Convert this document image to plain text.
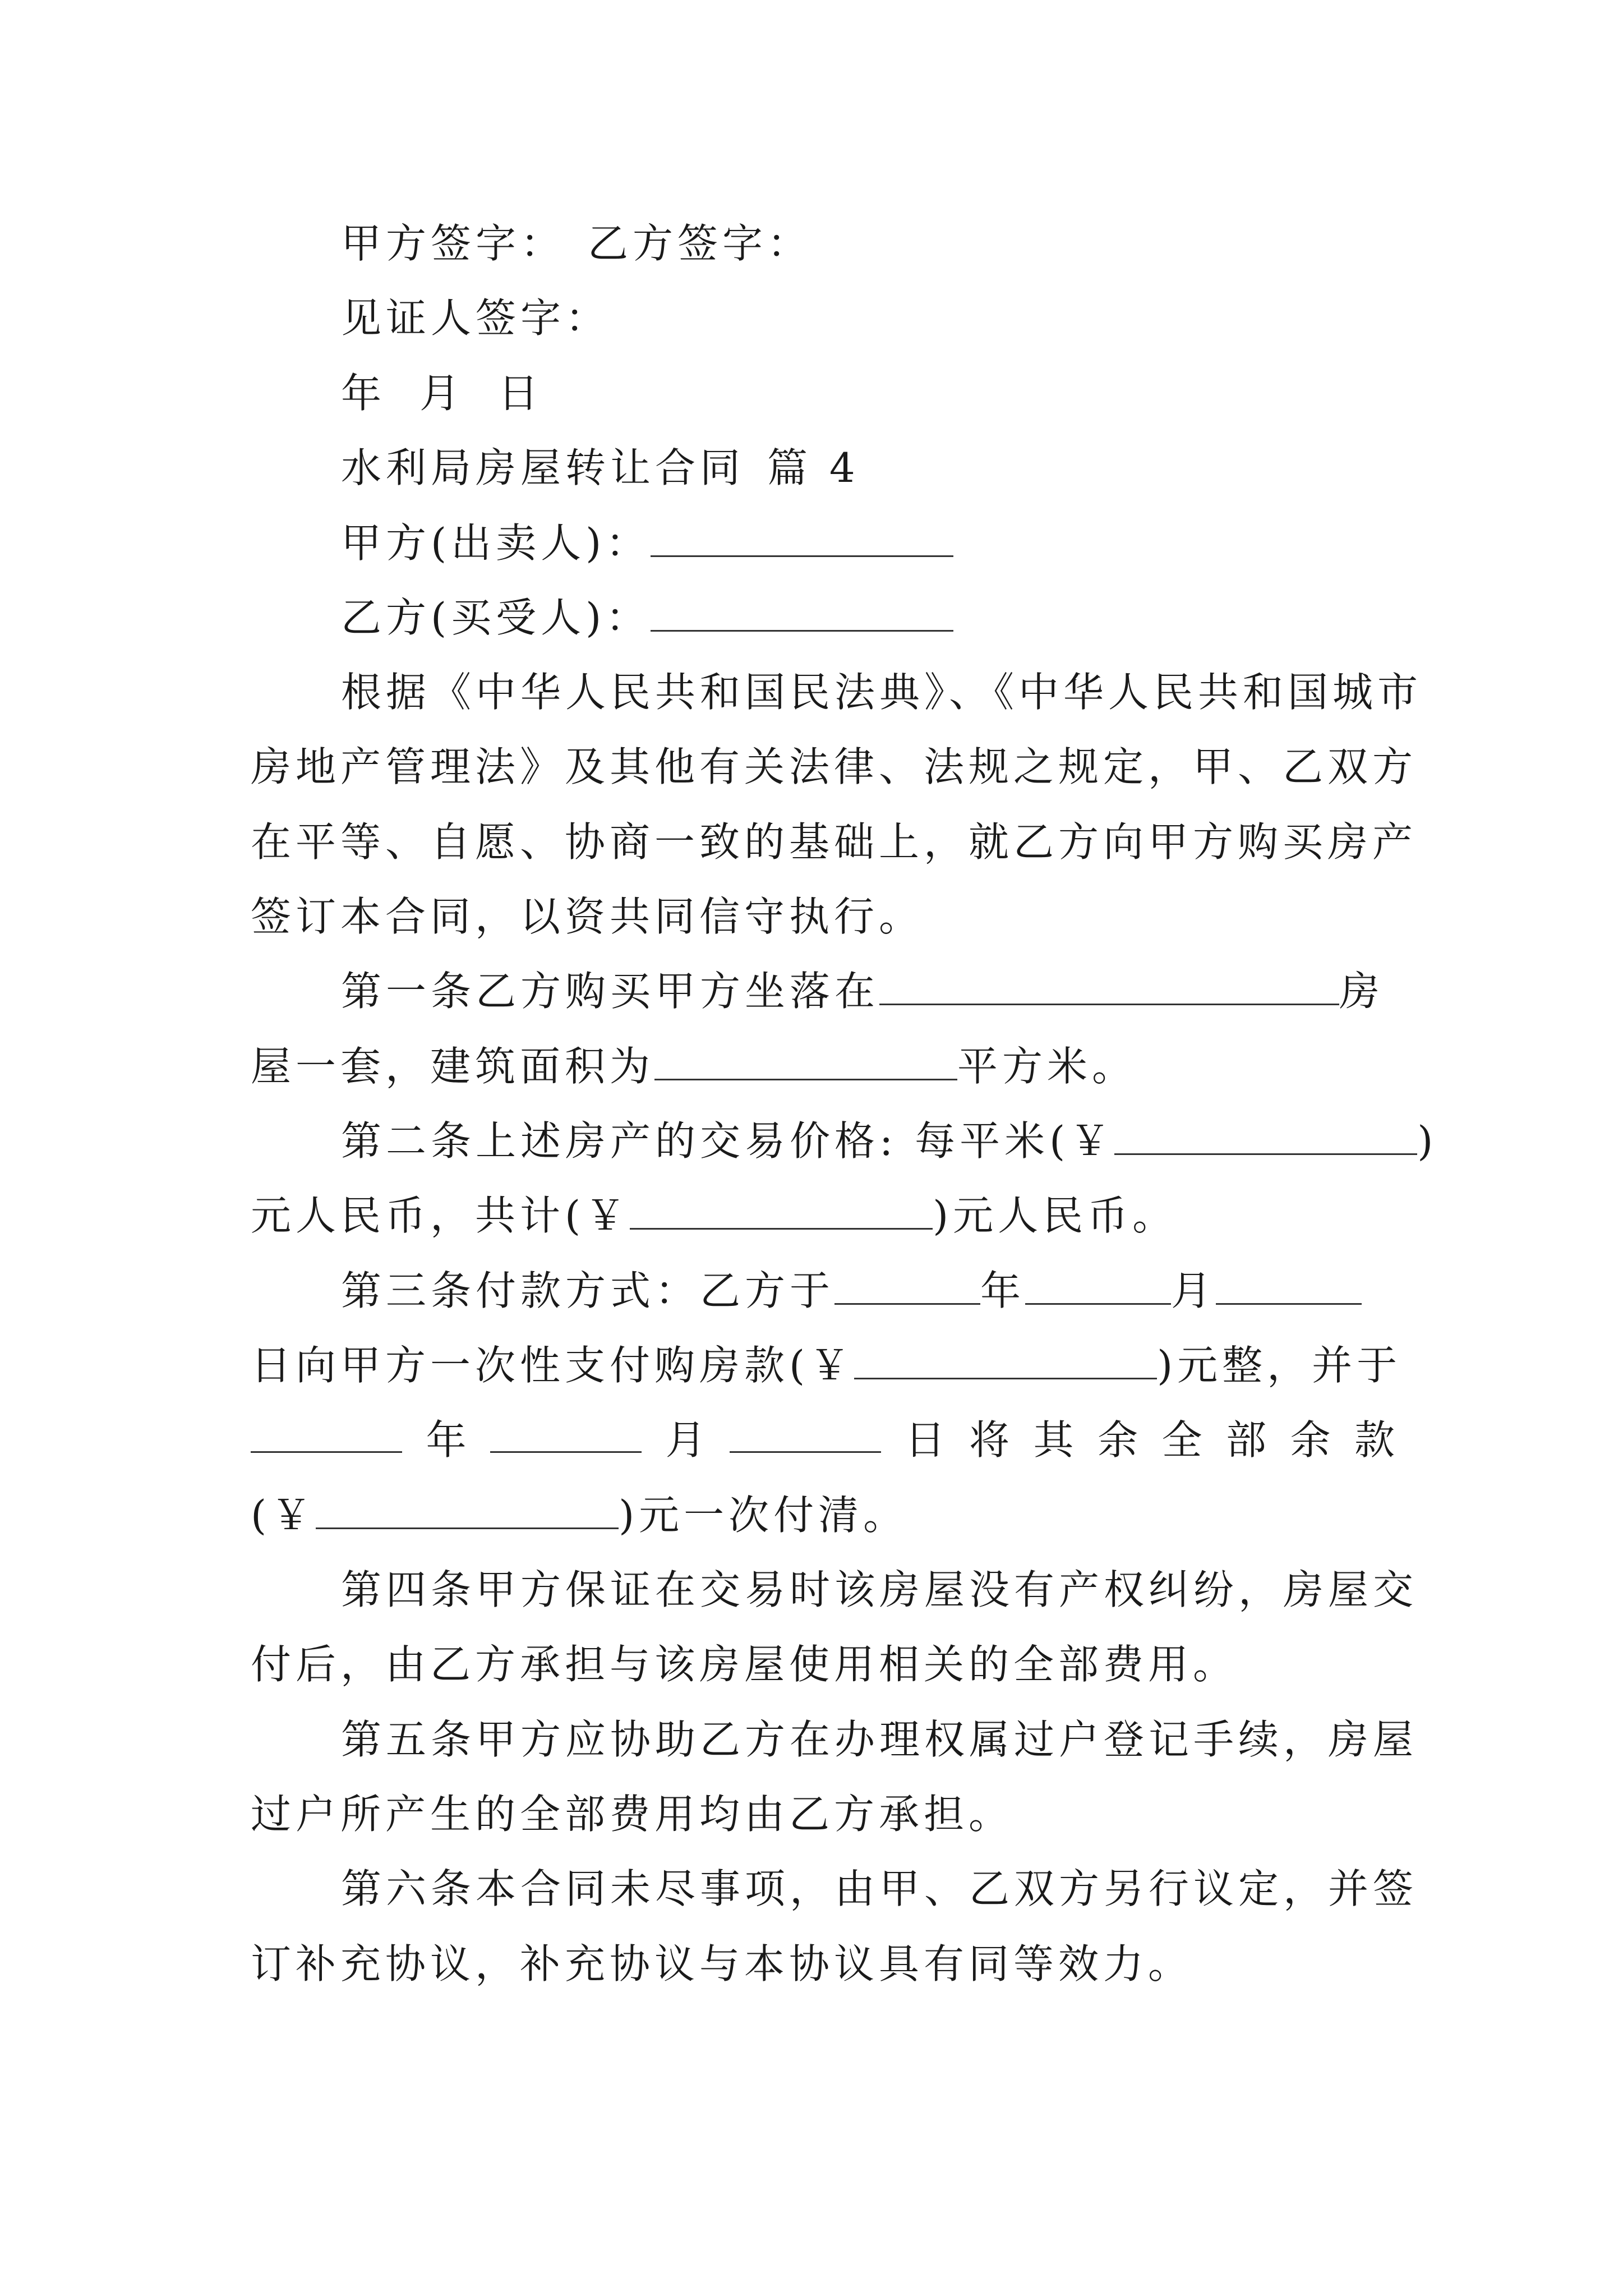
甲方签字： 乙方签字：
见证人签字：
年 月 日
水利局房屋转让合同 篇 4
甲方(出卖人)：
乙方(买受人)：
根据《中华人民共和国民法典》、《中华人民共和国城市
房地产管理法》及其他有关法律、法规之规定，甲、乙双方
在平等、自愿、协商一致的基础上，就乙方向甲方购买房产
签订本合同，以资共同信守执行。
第一条乙方购买甲方坐落在	房
屋一套，建筑面积为	平方米。
第二条上述房产的交易价格: 每平米(￥	)
元人民币，共计(￥	)元人民币。
第三条付款方式：乙方于	年	月
日向甲方一次性支付购房款(￥	)元整，并于
年	月	日 将 其 余 全 部 余 款
(￥	)元一次付清。
第四条甲方保证在交易时该房屋没有产权纠纷，房屋交
付后，由乙方承担与该房屋使用相关的全部费用。
第五条甲方应协助乙方在办理权属过户登记手续，房屋
过户所产生的全部费用均由乙方承担。
第六条本合同未尽事项，由甲、乙双方另行议定，并签
订补充协议，补充协议与本协议具有同等效力。
